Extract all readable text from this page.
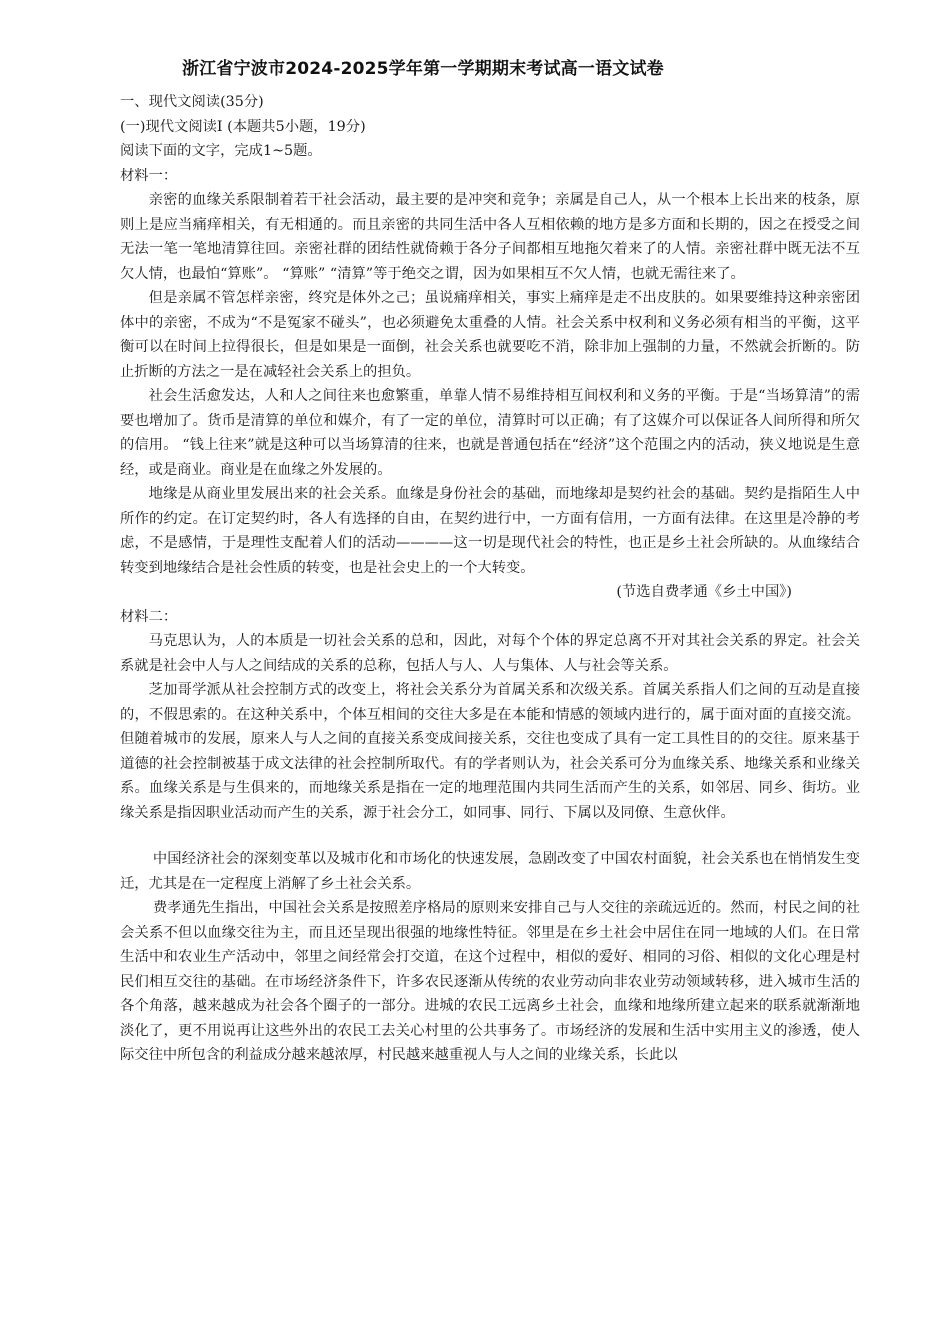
浙江省宁波市2024-2025学年第一学期期末考试高一语文试卷

一、现代文阅读(35分)

(一)现代文阅读Ⅰ (本题共5小题，19分)

阅读下面的文字，完成1~5题。

材料一：

亲密的血缘关系限制着若干社会活动，最主要的是冲突和竞争；亲属是自己人，从一个根本上长出来的枝条，原则上是应当痛痒相关，有无相通的。而且亲密的共同生活中各人互相依赖的地方是多方面和长期的，因之在授受之间无法一笔一笔地清算往回。亲密社群的团结性就倚赖于各分子间都相互地拖欠着来了的人情。亲密社群中既无法不互欠人情，也最怕“算账”。 “算账” “清算”等于绝交之谓，因为如果相互不欠人情，也就无需往来了。

但是亲属不管怎样亲密，终究是体外之己；虽说痛痒相关，事实上痛痒是走不出皮肤的。如果要维持这种亲密团体中的亲密，不成为“不是冤家不碰头”，也必须避免太重叠的人情。社会关系中权利和义务必须有相当的平衡，这平衡可以在时间上拉得很长，但是如果是一面倒，社会关系也就要吃不消，除非加上强制的力量，不然就会折断的。防止折断的方法之一是在减轻社会关系上的担负。

社会生活愈发达，人和人之间往来也愈繁重，单靠人情不易维持相互间权利和义务的平衡。于是“当场算清”的需要也增加了。货币是清算的单位和媒介，有了一定的单位，清算时可以正确；有了这媒介可以保证各人间所得和所欠的信用。 “钱上往来”就是这种可以当场算清的往来，也就是普通包括在“经济”这个范围之内的活动，狭义地说是生意经，或是商业。商业是在血缘之外发展的。

地缘是从商业里发展出来的社会关系。血缘是身份社会的基础，而地缘却是契约社会的基础。契约是指陌生人中所作的约定。在订定契约时，各人有选择的自由，在契约进行中，一方面有信用，一方面有法律。在这里是冷静的考虑，不是感情，于是理性支配着人们的活动————这一切是现代社会的特性，也正是乡土社会所缺的。从血缘结合转变到地缘结合是社会性质的转变，也是社会史上的一个大转变。

(节选自费孝通《乡土中国》)

材料二：

马克思认为，人的本质是一切社会关系的总和，因此，对每个个体的界定总离不开对其社会关系的界定。社会关系就是社会中人与人之间结成的关系的总称，包括人与人、人与集体、人与社会等关系。

芝加哥学派从社会控制方式的改变上，将社会关系分为首属关系和次级关系。首属关系指人们之间的互动是直接的，不假思索的。在这种关系中，个体互相间的交往大多是在本能和情感的领域内进行的，属于面对面的直接交流。但随着城市的发展，原来人与人之间的直接关系变成间接关系，交往也变成了具有一定工具性目的的交往。原来基于道德的社会控制被基于成文法律的社会控制所取代。有的学者则认为，社会关系可分为血缘关系、地缘关系和业缘关系。血缘关系是与生俱来的，而地缘关系是指在一定的地理范围内共同生活而产生的关系，如邻居、同乡、街坊。业缘关系是指因职业活动而产生的关系，源于社会分工，如同事、同行、下属以及同僚、生意伙伴。

中国经济社会的深刻变革以及城市化和市场化的快速发展，急剧改变了中国农村面貌，社会关系也在悄悄发生变迁，尤其是在一定程度上消解了乡土社会关系。

费孝通先生指出，中国社会关系是按照差序格局的原则来安排自己与人交往的亲疏远近的。然而，村民之间的社会关系不但以血缘交往为主，而且还呈现出很强的地缘性特征。邻里是在乡土社会中居住在同一地域的人们。在日常生活中和农业生产活动中，邻里之间经常会打交道，在这个过程中，相似的爱好、相同的习俗、相似的文化心理是村民们相互交往的基础。在市场经济条件下，许多农民逐渐从传统的农业劳动向非农业劳动领域转移，进入城市生活的各个角落，越来越成为社会各个圈子的一部分。进城的农民工远离乡土社会，血缘和地缘所建立起来的联系就渐渐地淡化了，更不用说再让这些外出的农民工去关心村里的公共事务了。市场经济的发展和生活中实用主义的渗透，使人际交往中所包含的利益成分越来越浓厚，村民越来越重视人与人之间的业缘关系，长此以
